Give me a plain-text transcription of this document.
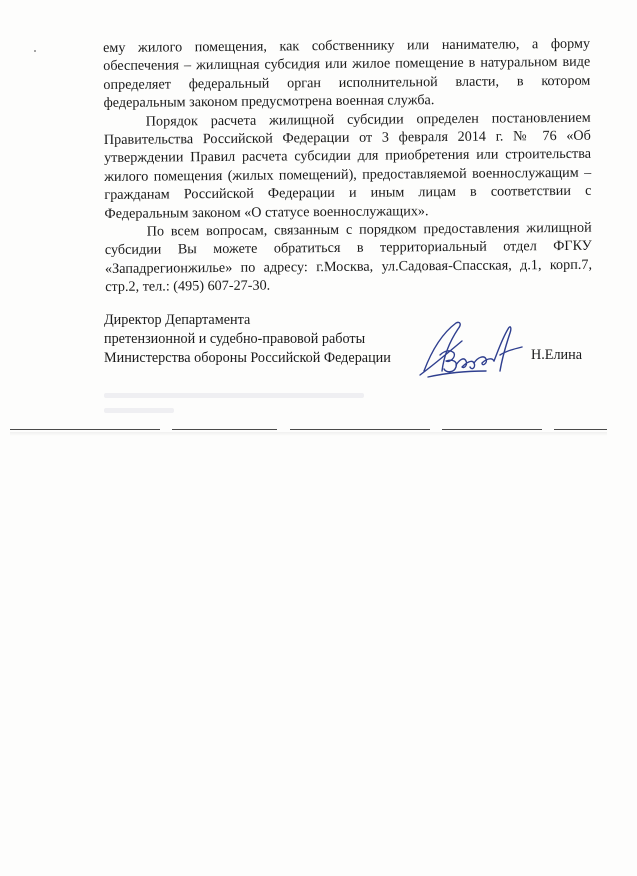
ему жилого помещения, как собственнику или нанимателю, а форму обеспечения – жилищная субсидия или жилое помещение в натуральном виде определяет федеральный орган исполнительной власти, в котором федеральным законом предусмотрена военная служба.

Порядок расчета жилищной субсидии определен постановлением Правительства Российской Федерации от 3 февраля 2014 г. № 76 «Об утверждении Правил расчета субсидии для приобретения или строительства жилого помещения (жилых помещений), предоставляемой военнослужащим – гражданам Российской Федерации и иным лицам в соответствии с Федеральным законом «О статусе военнослужащих».

По всем вопросам, связанным с порядком предоставления жилищной субсидии Вы можете обратиться в территориальный отдел ФГКУ «Западрегионжилье» по адресу: г.Москва, ул.Садовая-Спасская, д.1, корп.7, стр.2, тел.: (495) 607-27-30.

Директор Департамента
претензионной и судебно-правовой работы
Министерства обороны Российской Федерации	Н.Елина
